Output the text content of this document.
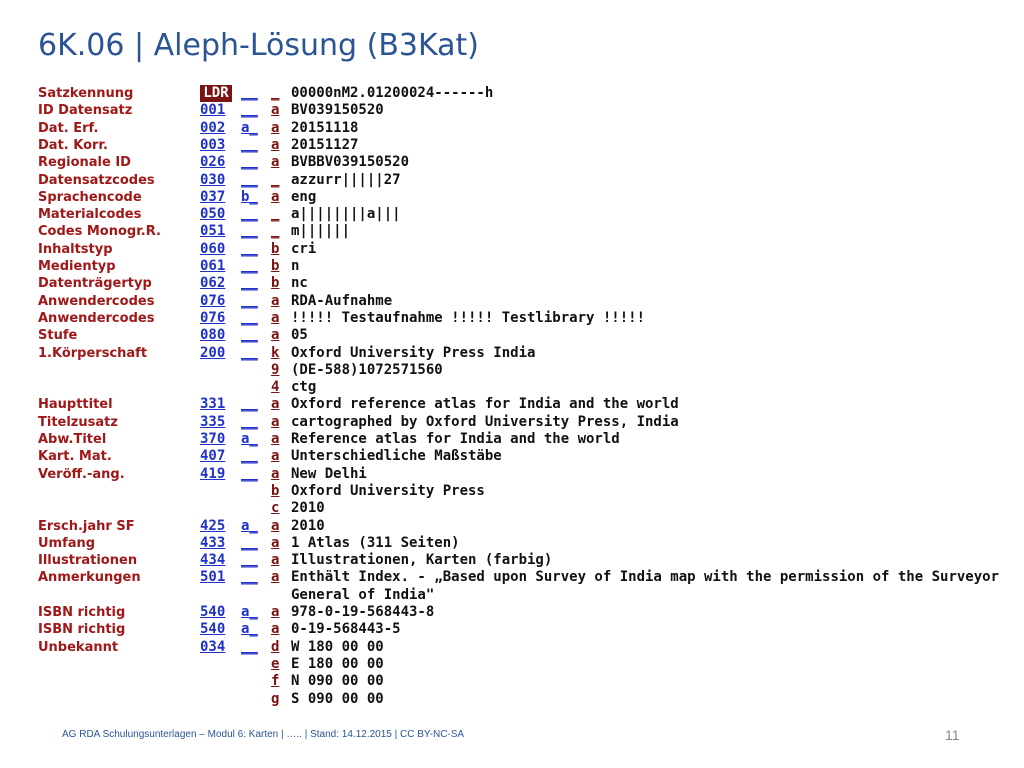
6K.06 | Aleph-Lösung (B3Kat)
Satzkennung	LDR __ _ 00000nM2.01200024------h
ID Datensatz	001 __ a BV039150520
Dat. Erf.	002 a_ a 20151118
Dat. Korr.	003 __ a 20151127
Regionale ID	026 __ a BVBBV039150520
Datensatzcodes	030 __ _ azzurr|||||27
Sprachencode	037 b_ a eng
Materialcodes	050 __ _ a||||||||a|||
Codes Monogr.R.	051 __ _ m||||||
Inhaltstyp	060 __ b cri
Medientyp	061 __ b n
Datenträgertyp	062 __ b nc
Anwendercodes	076 __ a RDA-Aufnahme
Anwendercodes	076 __ a !!!!! Testaufnahme !!!!! Testlibrary !!!!!
Stufe	080 __ a 05
1.Körperschaft	200 __ k Oxford University Press India
9 (DE-588)1072571560
4 ctg
Haupttitel	331 __ a Oxford reference atlas for India and the world
Titelzusatz	335 __ a cartographed by Oxford University Press, India
Abw.Titel	370 a_ a Reference atlas for India and the world
Kart. Mat.	407 __ a Unterschiedliche Maßstäbe
Veröff.-ang.	419 __ a New Delhi
b Oxford University Press
c 2010
Ersch.jahr SF	425 a_ a 2010
Umfang	433 __ a 1 Atlas (311 Seiten)
Illustrationen	434 __ a Illustrationen, Karten (farbig)
Anmerkungen	501 __ a Enthält Index. - „Based upon Survey of India map with the permission of the Surveyor
General of India"
ISBN richtig	540 a_ a 978-0-19-568443-8
ISBN richtig	540 a_ a 0-19-568443-5
Unbekannt	034 __ d W 180 00 00
e E 180 00 00
f N 090 00 00
g S 090 00 00
AG RDA Schulungsunterlagen – Modul 6: Karten | ….. | Stand: 14.12.2015 | CC BY-NC-SA	11
